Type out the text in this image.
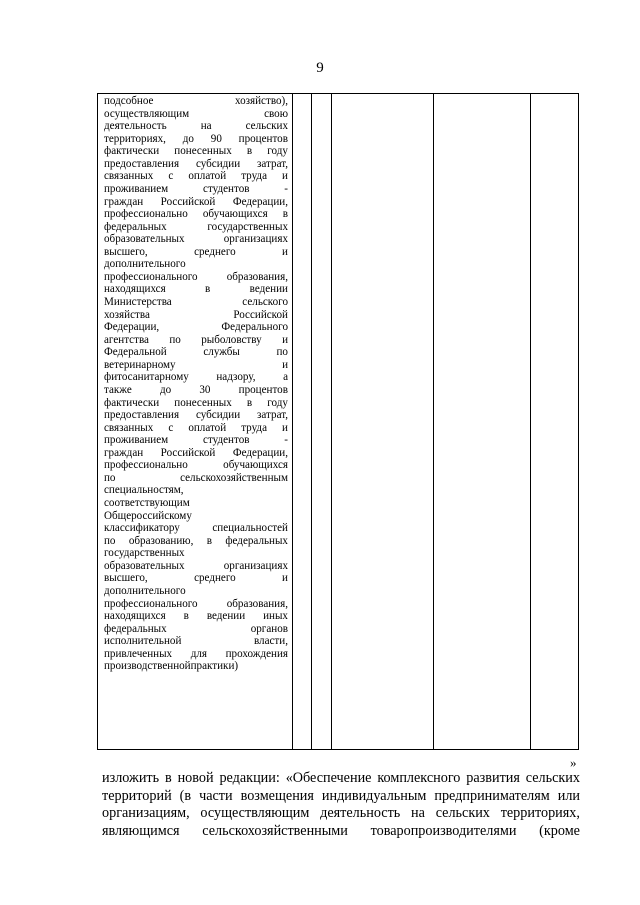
9
подсобное	хозяйство),
осуществляющим	свою
деятельность	на	сельских
территориях, до 90 процентов
фактически понесенных в году
предоставления субсидии затрат,
связанных с оплатой труда и
проживанием	студентов	-
граждан Российской Федерации,
профессионально обучающихся в
федеральных	государственных
образовательных	организациях
высшего,	среднего	и
дополнительного
профессионального	образования,
находящихся	в	ведении
Министерства	сельского
хозяйства	Российской
Федерации,	Федерального
агентства по рыболовству и
Федеральной	службы	по
ветеринарному	и
фитосанитарному надзору, а
также	до	30	процентов
фактически понесенных в году
предоставления субсидии затрат,
связанных с оплатой труда и
проживанием	студентов	-
граждан Российской Федерации,
профессионально	обучающихся
по	сельскохозяйственным
специальностям,
соответствующим
Общероссийскому
классификатору	специальностей
по образованию, в федеральных
государственных
образовательных	организациях
высшего,	среднего	и
дополнительного
профессионального	образования,
находящихся в ведении иных
федеральных	органов
исполнительной	власти,
привлеченных для прохождения
производственной практики)
»
изложить в новой редакции: «Обеспечение комплексного развития сельских
территорий (в части возмещения индивидуальным предпринимателям или
организациям, осуществляющим деятельность на сельских территориях,
являющимся сельскохозяйственными товаропроизводителями (кроме
